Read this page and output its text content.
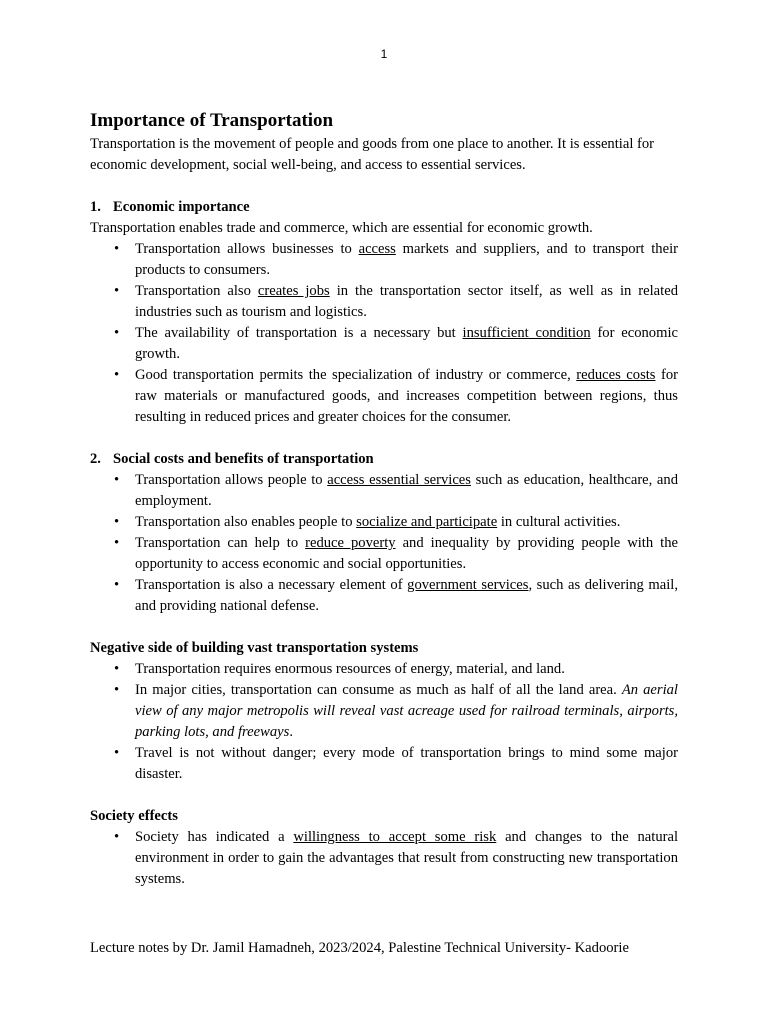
1
Importance of Transportation

Transportation is the movement of people and goods from one place to another. It is essential for economic development, social well-being, and access to essential services.

1. Economic importance

Transportation enables trade and commerce, which are essential for economic growth.

• Transportation allows businesses to access markets and suppliers, and to transport their products to consumers.
• Transportation also creates jobs in the transportation sector itself, as well as in related industries such as tourism and logistics.
• The availability of transportation is a necessary but insufficient condition for economic growth.
• Good transportation permits the specialization of industry or commerce, reduces costs for raw materials or manufactured goods, and increases competition between regions, thus resulting in reduced prices and greater choices for the consumer.
2. Social costs and benefits of transportation
• Transportation allows people to access essential services such as education, healthcare, and employment.
• Transportation also enables people to socialize and participate in cultural activities.
• Transportation can help to reduce poverty and inequality by providing people with the opportunity to access economic and social opportunities.
• Transportation is also a necessary element of government services, such as delivering mail, and providing national defense.
Negative side of building vast transportation systems
• Transportation requires enormous resources of energy, material, and land.
• In major cities, transportation can consume as much as half of all the land area. An aerial view of any major metropolis will reveal vast acreage used for railroad terminals, airports, parking lots, and freeways.
• Travel is not without danger; every mode of transportation brings to mind some major disaster.
Society effects
• Society has indicated a willingness to accept some risk and changes to the natural environment in order to gain the advantages that result from constructing new transportation systems.
Lecture notes by Dr. Jamil Hamadneh, 2023/2024, Palestine Technical University- Kadoorie
